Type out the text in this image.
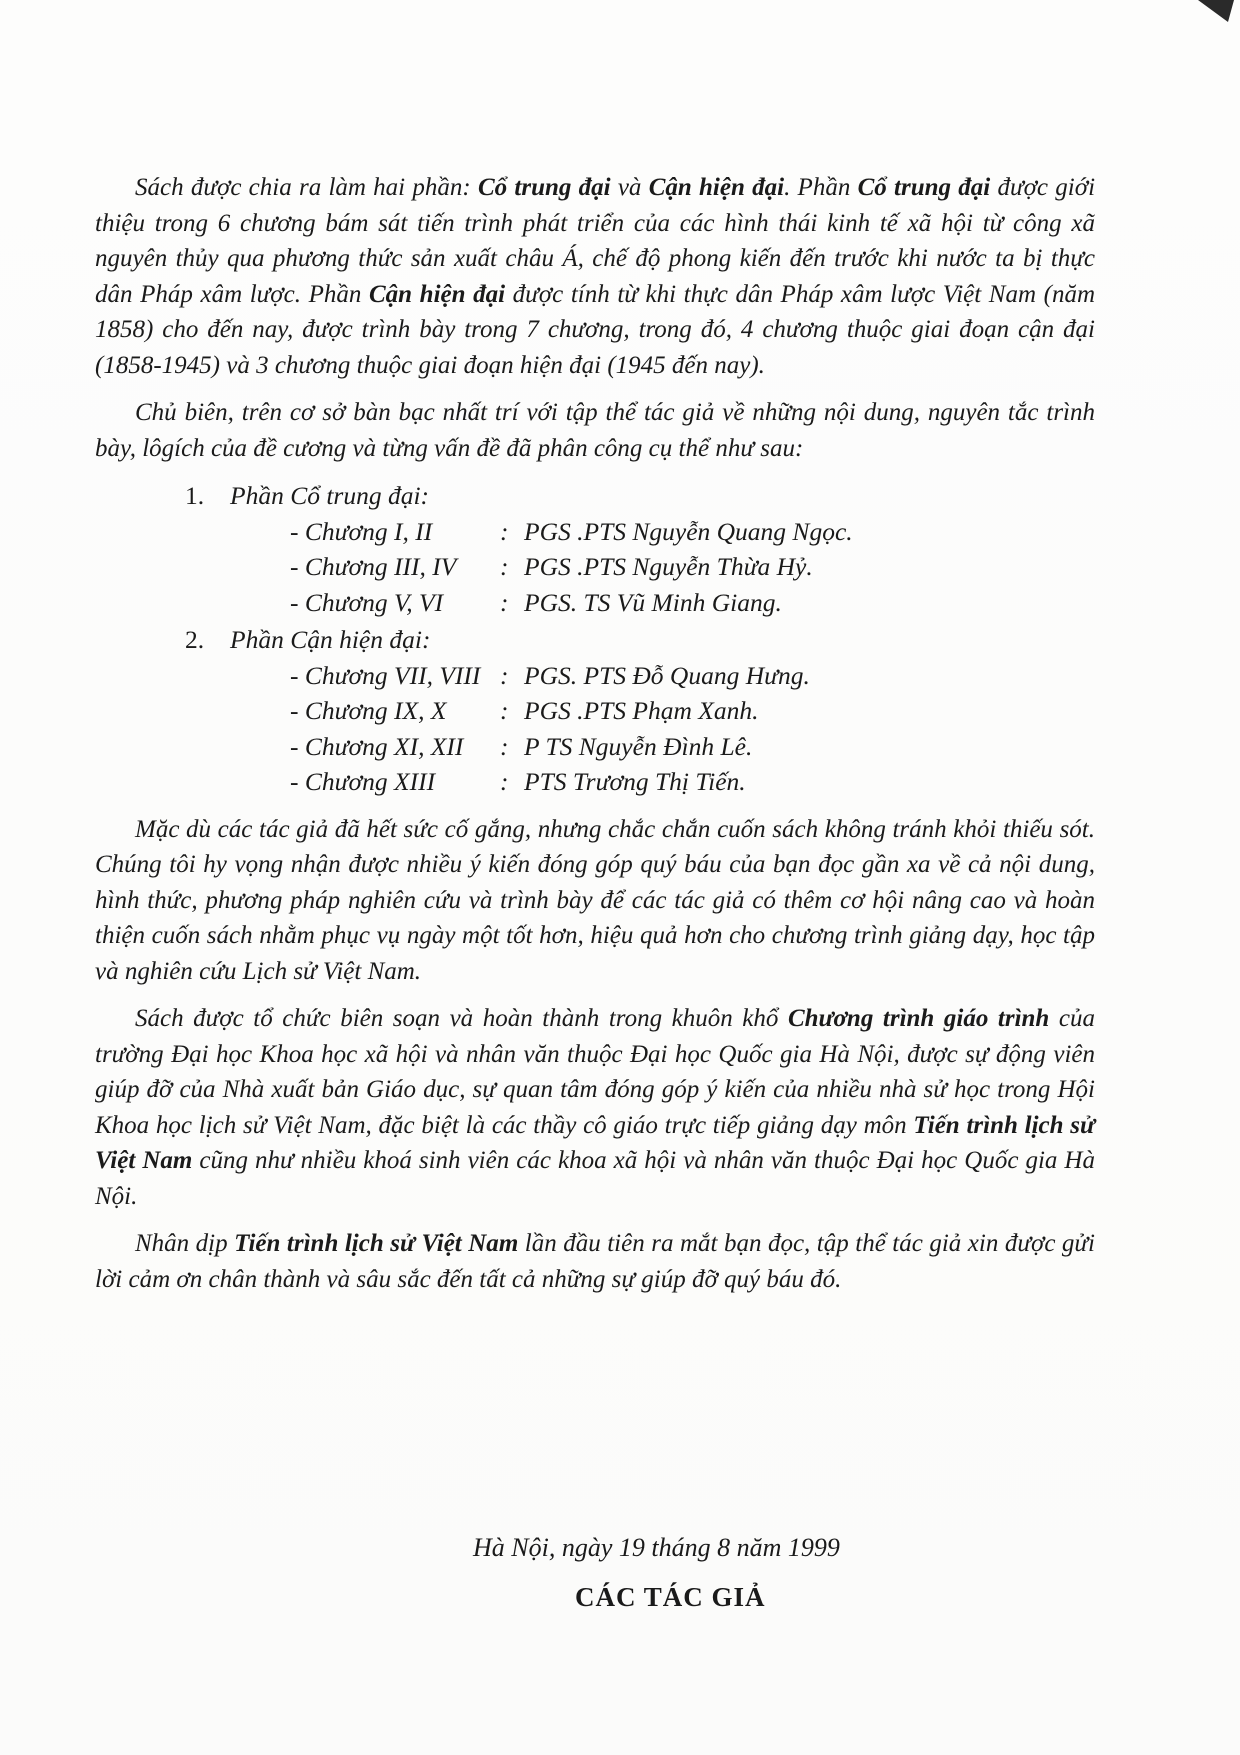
Sách được chia ra làm hai phần: Cổ trung đại và Cận hiện đại. Phần Cổ trung đại được giới thiệu trong 6 chương bám sát tiến trình phát triển của các hình thái kinh tế xã hội từ công xã nguyên thủy qua phương thức sản xuất châu Á, chế độ phong kiến đến trước khi nước ta bị thực dân Pháp xâm lược. Phần Cận hiện đại được tính từ khi thực dân Pháp xâm lược Việt Nam (năm 1858) cho đến nay, được trình bày trong 7 chương, trong đó, 4 chương thuộc giai đoạn cận đại (1858-1945) và 3 chương thuộc giai đoạn hiện đại (1945 đến nay).

Chủ biên, trên cơ sở bàn bạc nhất trí với tập thể tác giả về những nội dung, nguyên tắc trình bày, lôgích của đề cương và từng vấn đề đã phân công cụ thể như sau:

1. Phần Cổ trung đại:
- Chương I, II	: PGS .PTS Nguyễn Quang Ngọc.
- Chương III, IV	: PGS .PTS Nguyễn Thừa Hỷ.
- Chương V, VI	: PGS. TS Vũ Minh Giang.
2. Phần Cận hiện đại:
- Chương VII, VIII : PGS. PTS Đỗ Quang Hưng.
- Chương IX, X	: PGS .PTS Phạm Xanh.
- Chương XI, XII	: P TS Nguyễn Đình Lê.
- Chương XIII	: PTS Trương Thị Tiến.

Mặc dù các tác giả đã hết sức cố gắng, nhưng chắc chắn cuốn sách không tránh khỏi thiếu sót. Chúng tôi hy vọng nhận được nhiều ý kiến đóng góp quý báu của bạn đọc gần xa về cả nội dung, hình thức, phương pháp nghiên cứu và trình bày để các tác giả có thêm cơ hội nâng cao và hoàn thiện cuốn sách nhằm phục vụ ngày một tốt hơn, hiệu quả hơn cho chương trình giảng dạy, học tập và nghiên cứu Lịch sử Việt Nam.

Sách được tổ chức biên soạn và hoàn thành trong khuôn khổ Chương trình giáo trình của trường Đại học Khoa học xã hội và nhân văn thuộc Đại học Quốc gia Hà Nội, được sự động viên giúp đỡ của Nhà xuất bản Giáo dục, sự quan tâm đóng góp ý kiến của nhiều nhà sử học trong Hội Khoa học lịch sử Việt Nam, đặc biệt là các thầy cô giáo trực tiếp giảng dạy môn Tiến trình lịch sử Việt Nam cũng như nhiều khoá sinh viên các khoa xã hội và nhân văn thuộc Đại học Quốc gia Hà Nội.

Nhân dịp Tiến trình lịch sử Việt Nam lần đầu tiên ra mắt bạn đọc, tập thể tác giả xin được gửi lời cảm ơn chân thành và sâu sắc đến tất cả những sự giúp đỡ quý báu đó.

Hà Nội, ngày 19 tháng 8 năm 1999
CÁC TÁC GIẢ
